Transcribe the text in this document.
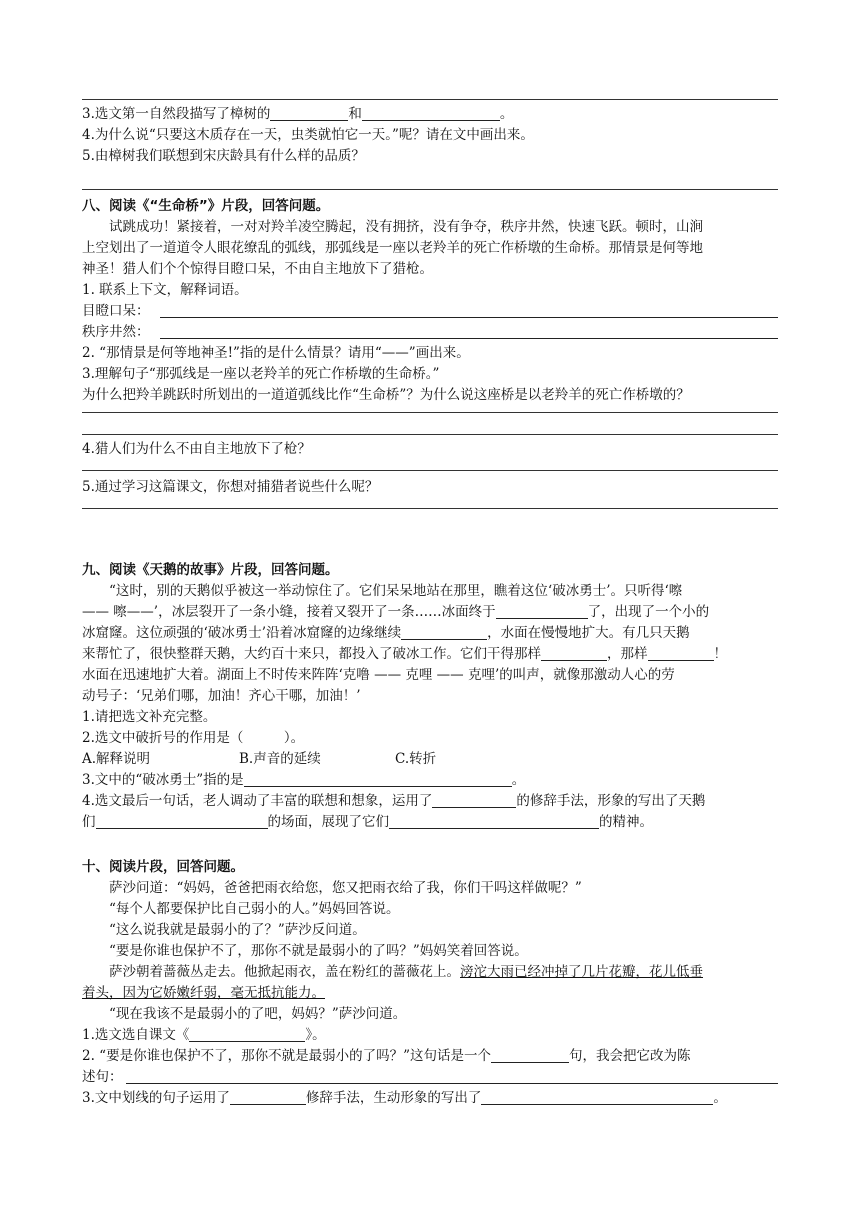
3.选文第一自然段描写了樟树的	和	。
4.为什么说“只要这木质存在一天，虫类就怕它一天。”呢？请在文中画出来。
5.由樟树我们联想到宋庆龄具有什么样的品质？
八、阅读《“生命桥”》片段，回答问题。
试跳成功！紧接着，一对对羚羊凌空腾起，没有拥挤，没有争夺，秩序井然，快速飞跃。顿时，山涧
上空划出了一道道令人眼花缭乱的弧线，那弧线是一座以老羚羊的死亡作桥墩的生命桥。那情景是何等地
神圣！猎人们个个惊得目瞪口呆，不由自主地放下了猎枪。
1. 联系上下文，解释词语。
目瞪口呆：
秩序井然：
2. “那情景是何等地神圣!”指的是什么情景？请用“——”画出来。
3.理解句子“那弧线是一座以老羚羊的死亡作桥墩的生命桥。”
为什么把羚羊跳跃时所划出的一道道弧线比作“生命桥”？为什么说这座桥是以老羚羊的死亡作桥墩的？
4.猎人们为什么不由自主地放下了枪？
5.通过学习这篇课文，你想对捕猎者说些什么呢？
九、阅读《天鹅的故事》片段，回答问题。
“这时，别的天鹅似乎被这一举动惊住了。它们呆呆地站在那里，瞧着这位‘破冰勇士’。只听得‘嚓
—— 嚓——’，冰层裂开了一条小缝，接着又裂开了一条……冰面终于	了，出现了一个小的
冰窟窿。这位顽强的‘破冰勇士’沿着冰窟窿的边缘继续	，水面在慢慢地扩大。有几只天鹅
来帮忙了，很快整群天鹅，大约百十来只，都投入了破冰工作。它们干得那样	，那样	！
水面在迅速地扩大着。湖面上不时传来阵阵‘克噜 —— 克哩 —— 克哩’的叫声，就像那激动人心的劳
动号子：‘兄弟们哪，加油！齐心干哪，加油！’
1.请把选文补充完整。
2.选文中破折号的作用是（　　　）。
A.解释说明	B.声音的延续	C.转折
3.文中的“破冰勇士”指的是	。
4.选文最后一句话，老人调动了丰富的联想和想象，运用了	的修辞手法，形象的写出了天鹅
们	的场面，展现了它们	的精神。
十、阅读片段，回答问题。
萨沙问道：“妈妈，爸爸把雨衣给您，您又把雨衣给了我，你们干吗这样做呢？”
“每个人都要保护比自己弱小的人。”妈妈回答说。
“这么说我就是最弱小的了？”萨沙反问道。
“要是你谁也保护不了，那你不就是最弱小的了吗？”妈妈笑着回答说。
萨沙朝着蔷薇丛走去。他掀起雨衣，盖在粉红的蔷薇花上。滂沱大雨已经冲掉了几片花瓣，花儿低垂
着头，因为它娇嫩纤弱，毫无抵抗能力。
“现在我该不是最弱小的了吧，妈妈？”萨沙问道。
1.选文选自课文《	》。
2. “要是你谁也保护不了，那你不就是最弱小的了吗？”这句话是一个	句，我会把它改为陈
述句：
3.文中划线的句子运用了	修辞手法，生动形象的写出了	。
